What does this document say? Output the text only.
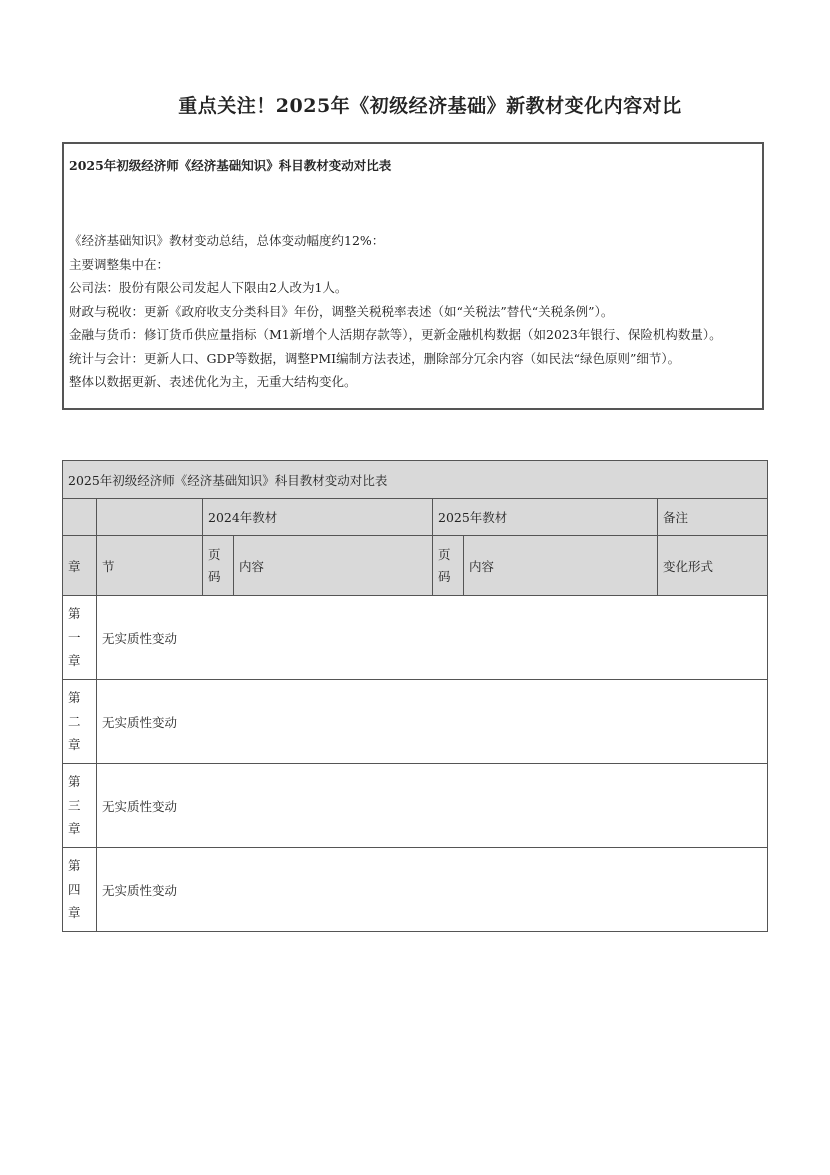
重点关注！2025年《初级经济基础》新教材变化内容对比
2025年初级经济师《经济基础知识》科目教材变动对比表

《经济基础知识》教材变动总结，总体变动幅度约12%：

主要调整集中在：

公司法：股份有限公司发起人下限由2人改为1人。

财政与税收：更新《政府收支分类科目》年份，调整关税税率表述（如“关税法”替代“关税条例”）。

金融与货币：修订货币供应量指标（M1新增个人活期存款等），更新金融机构数据（如2023年银行、保险机构数量）。

统计与会计：更新人口、GDP等数据，调整PMI编制方法表述，删除部分冗余内容（如民法“绿色原则”细节）。

整体以数据更新、表述优化为主，无重大结构变化。

2025年初级经济师《经济基础知识》科目教材变动对比表						
		2024年教材		2025年教材		备注
章	节	页码	内容	页码	内容	变化形式
第一章	无实质性变动					
第二章	无实质性变动					
第三章	无实质性变动					
第四章	无实质性变动					
